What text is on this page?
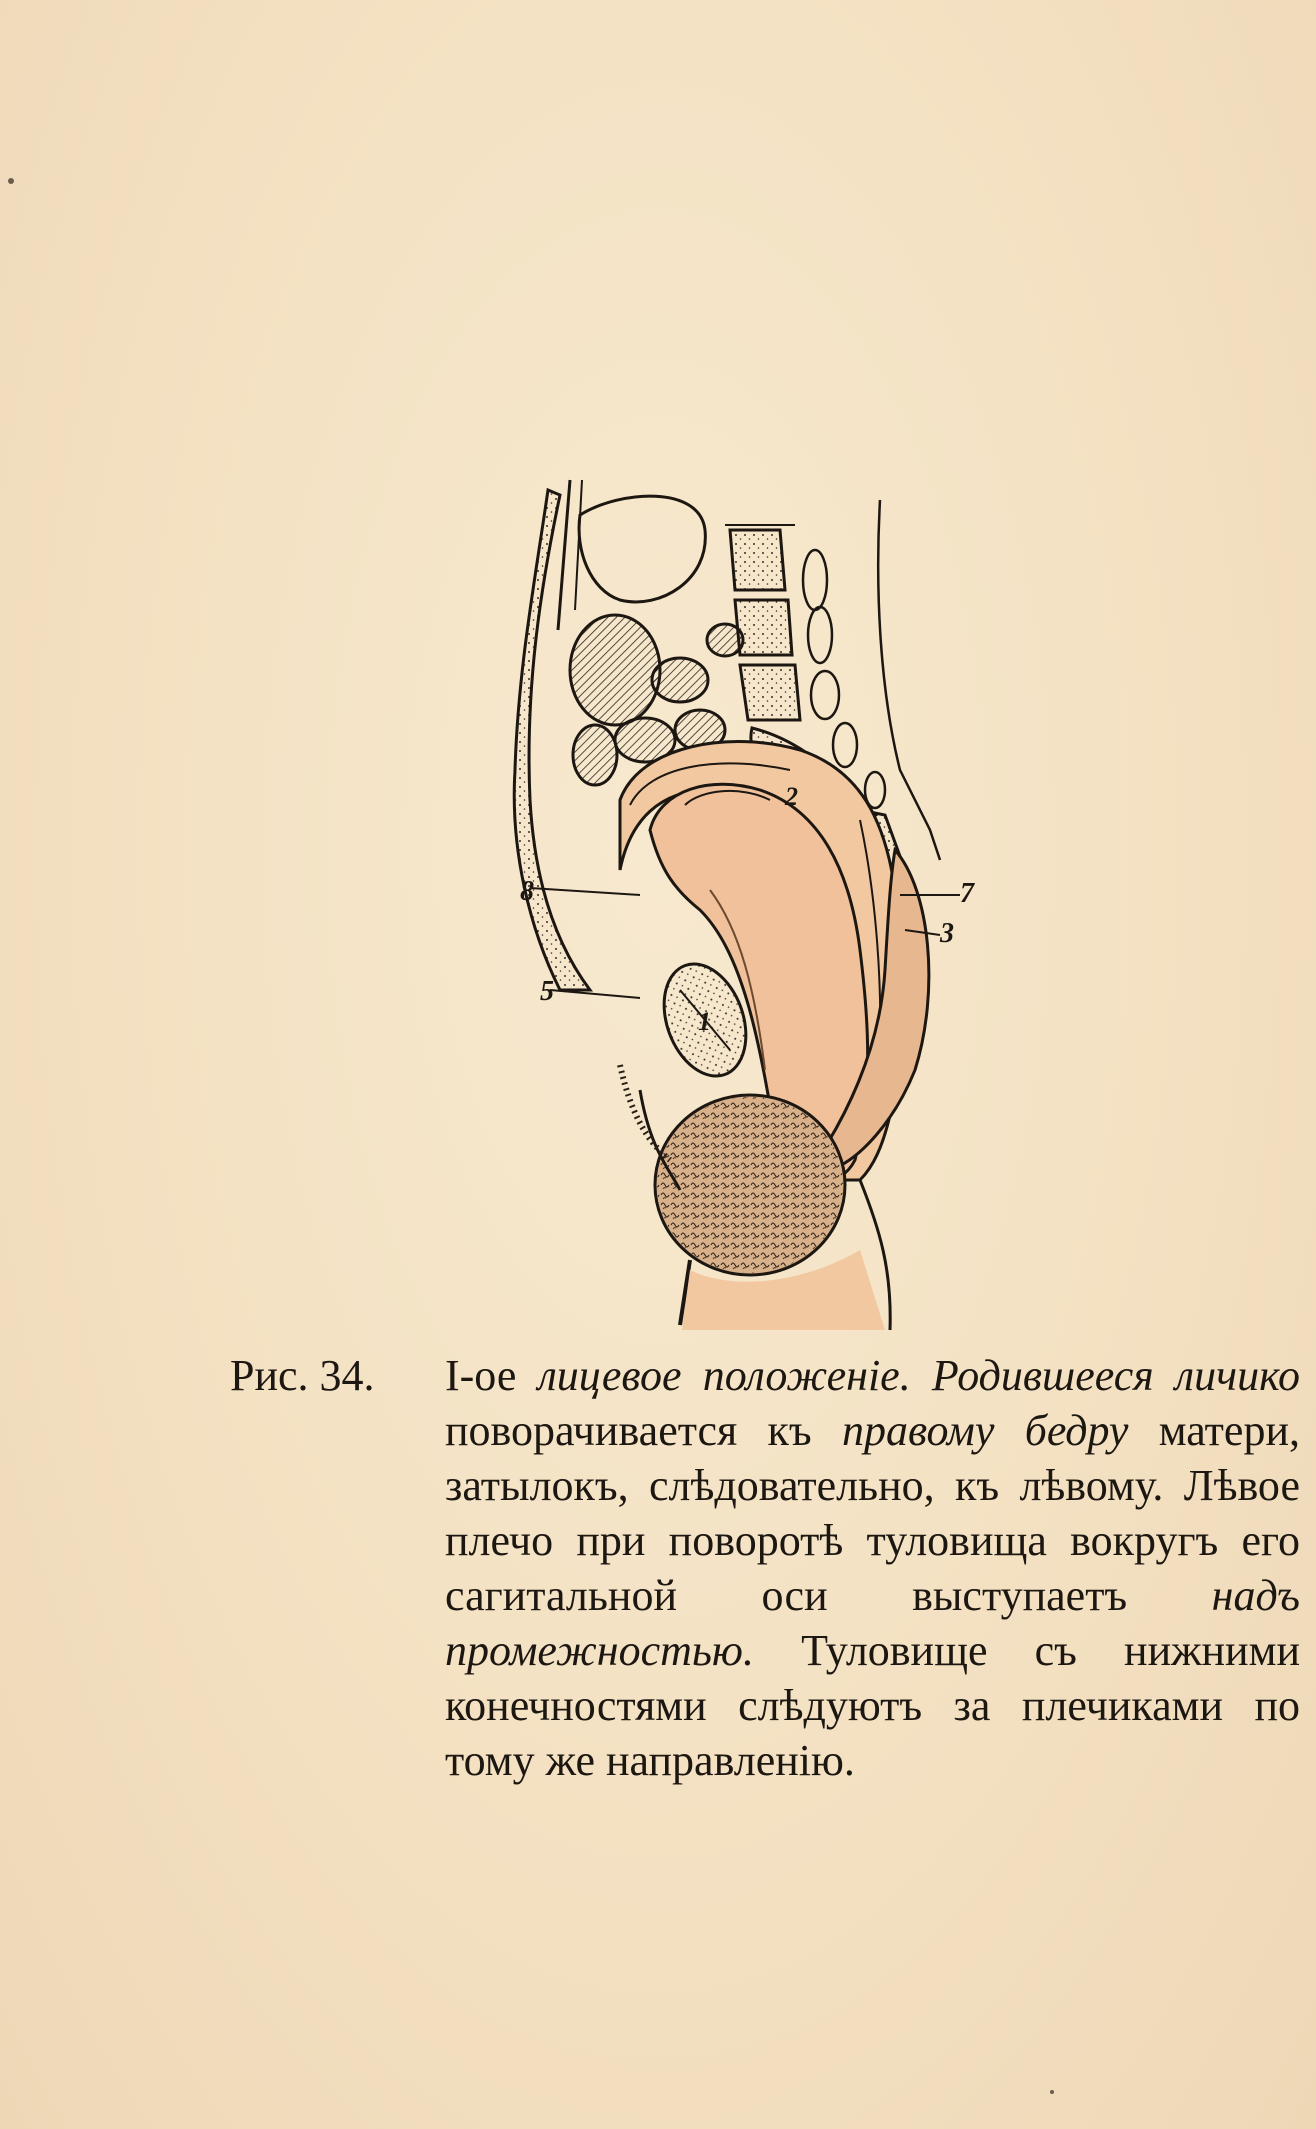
8
5
7
3
2
1
Рис. 34.	I-ое лицевое положеніе. Родившееся личико поворачивается къ правому бедру матери, затылокъ, слѣдовательно, къ лѣвому. Лѣвое плечо при поворотѣ туловища вокругъ его сагитальной оси выступаетъ надъ промежностью. Туловище съ нижними конечностями слѣдуютъ за плечиками по тому же направленію.
